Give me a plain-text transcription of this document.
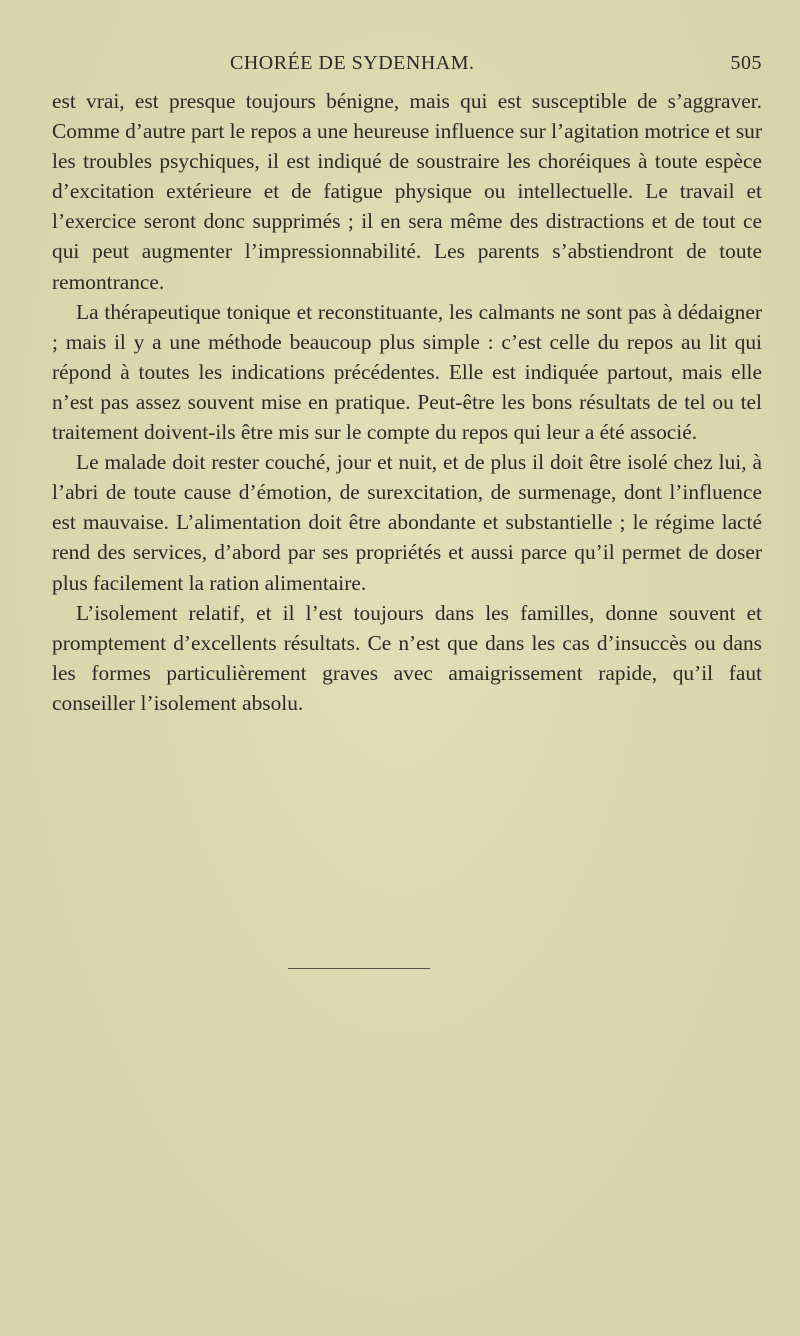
CHORÉE DE SYDENHAM.	505

est vrai, est presque toujours bénigne, mais qui est susceptible de s’aggraver. Comme d’autre part le repos a une heureuse influence sur l’agitation motrice et sur les troubles psychiques, il est indiqué de soustraire les choréiques à toute espèce d’excitation extérieure et de fatigue physique ou intellectuelle. Le travail et l’exercice seront donc supprimés ; il en sera même des distractions et de tout ce qui peut augmenter l’impressionnabilité. Les parents s’abstiendront de toute remontrance.

La thérapeutique tonique et reconstituante, les calmants ne sont pas à dédaigner ; mais il y a une méthode beaucoup plus simple : c’est celle du repos au lit qui répond à toutes les indications précédentes. Elle est indiquée partout, mais elle n’est pas assez souvent mise en pratique. Peut-être les bons résultats de tel ou tel traitement doivent-ils être mis sur le compte du repos qui leur a été associé.

Le malade doit rester couché, jour et nuit, et de plus il doit être isolé chez lui, à l’abri de toute cause d’émotion, de surexcitation, de surmenage, dont l’influence est mauvaise. L’alimentation doit être abondante et substantielle ; le régime lacté rend des services, d’abord par ses propriétés et aussi parce qu’il permet de doser plus facilement la ration alimentaire.

L’isolement relatif, et il l’est toujours dans les familles, donne souvent et promptement d’excellents résultats. Ce n’est que dans les cas d’insuccès ou dans les formes particulièrement graves avec amaigrissement rapide, qu’il faut conseiller l’isolement absolu.
